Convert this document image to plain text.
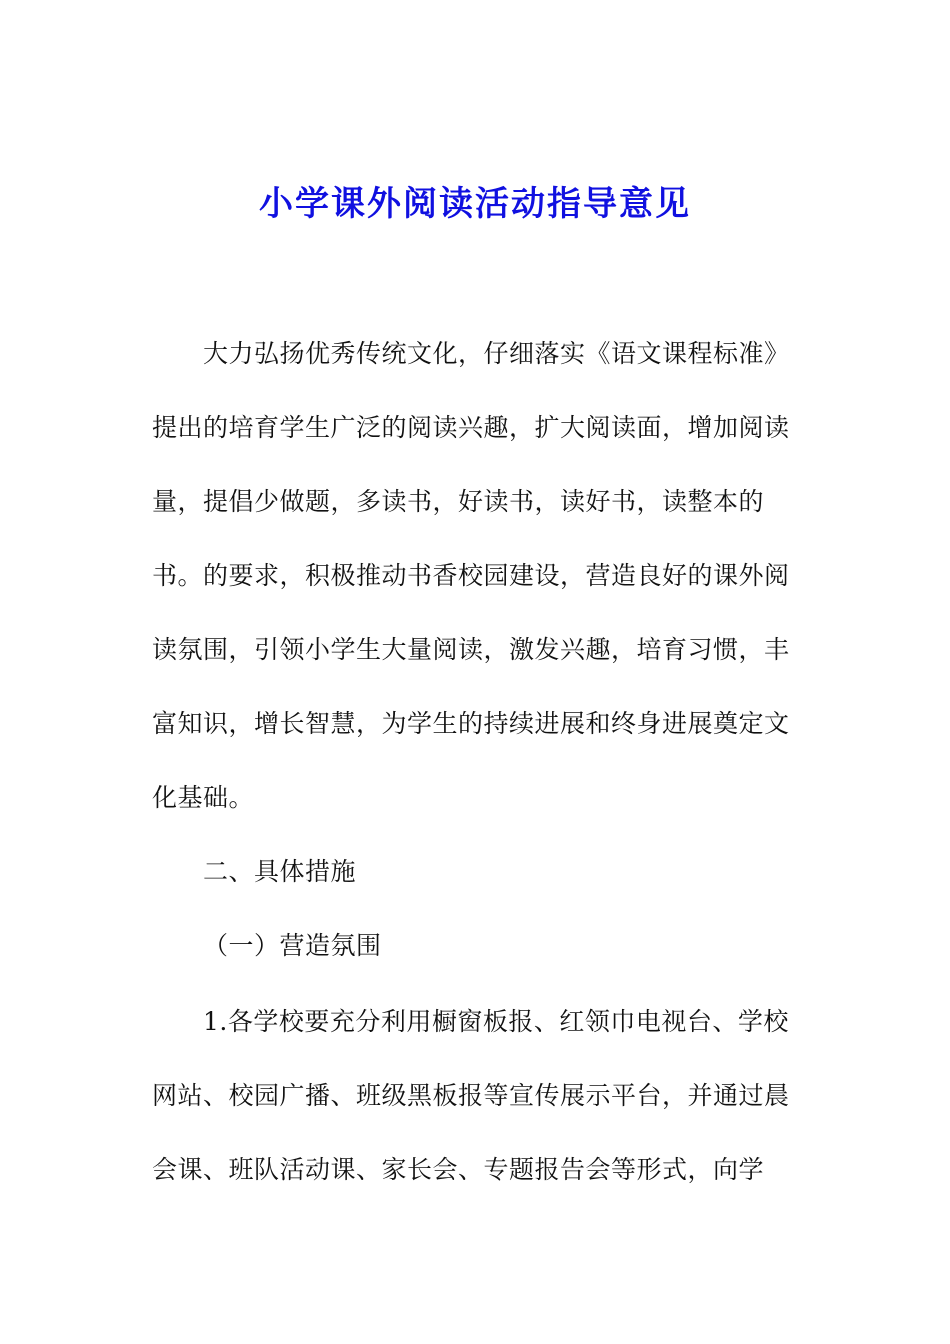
小学课外阅读活动指导意见
大力弘扬优秀传统文化，仔细落实《语文课程标准》
提出的培育学生广泛的阅读兴趣，扩大阅读面，增加阅读
量，提倡少做题，多读书，好读书，读好书，读整本的
书。的要求，积极推动书香校园建设，营造良好的课外阅
读氛围，引领小学生大量阅读，激发兴趣，培育习惯，丰
富知识，增长智慧，为学生的持续进展和终身进展奠定文
化基础。
二、具体措施
（一）营造氛围
1.各学校要充分利用橱窗板报、红领巾电视台、学校
网站、校园广播、班级黑板报等宣传展示平台，并通过晨
会课、班队活动课、家长会、专题报告会等形式，向学
